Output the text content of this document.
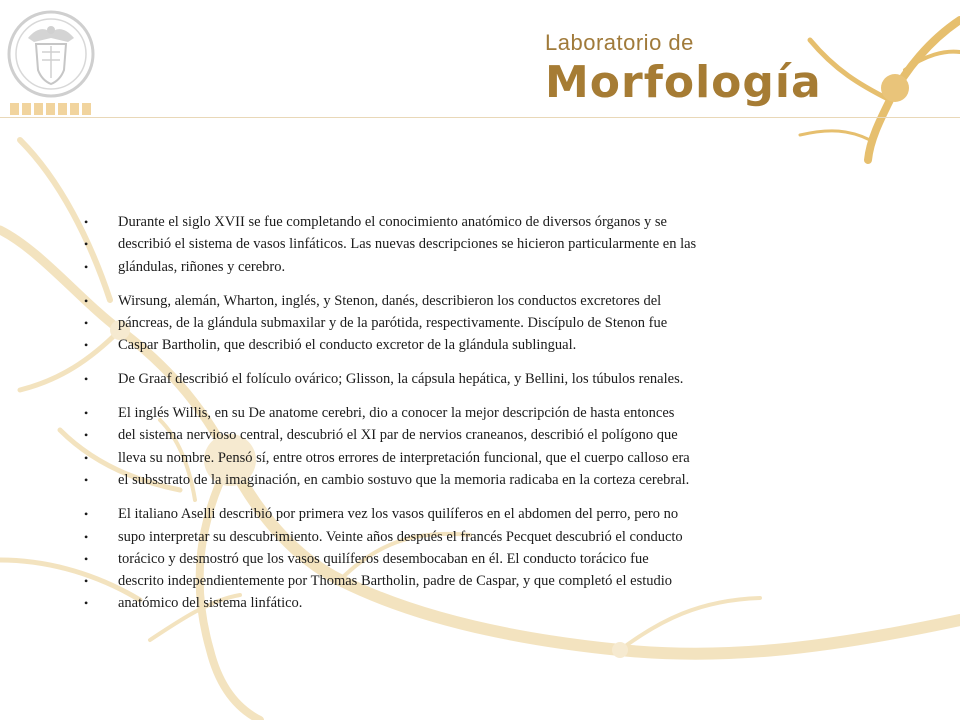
Laboratorio de
Morfología
• Durante el siglo XVII se fue completando el conocimiento anatómico de diversos órganos y se
• describió el sistema de vasos linfáticos. Las nuevas descripciones se hicieron particularmente en las
• glándulas, riñones y cerebro.
• Wirsung, alemán, Wharton, inglés, y Stenon, danés, describieron los conductos excretores del
• páncreas, de la glándula submaxilar y de la parótida, respectivamente. Discípulo de Stenon fue
• Caspar Bartholin, que describió el conducto excretor de la glándula sublingual.
• De Graaf describió el folículo ovárico; Glisson, la cápsula hepática, y Bellini, los túbulos renales.
• El inglés Willis, en su De anatome cerebri, dio a conocer la mejor descripción de hasta entonces
• del sistema nervioso central, descubrió el XI par de nervios craneanos, describió el polígono que
• lleva su nombre. Pensó sí, entre otros errores de interpretación funcional, que el cuerpo calloso era
• el subsstrato de la imaginación, en cambio sostuvo que la memoria radicaba en la corteza cerebral.
• El italiano Aselli describió por primera vez los vasos quilíferos en el abdomen del perro, pero no
• supo interpretar su descubrimiento. Veinte años después el francés Pecquet descubrió el conducto
• torácico y desmostró que los vasos quilíferos desembocaban en él. El conducto torácico fue
• descrito independientemente por Thomas Bartholin, padre de Caspar, y que completó el estudio
• anatómico del sistema linfático.
